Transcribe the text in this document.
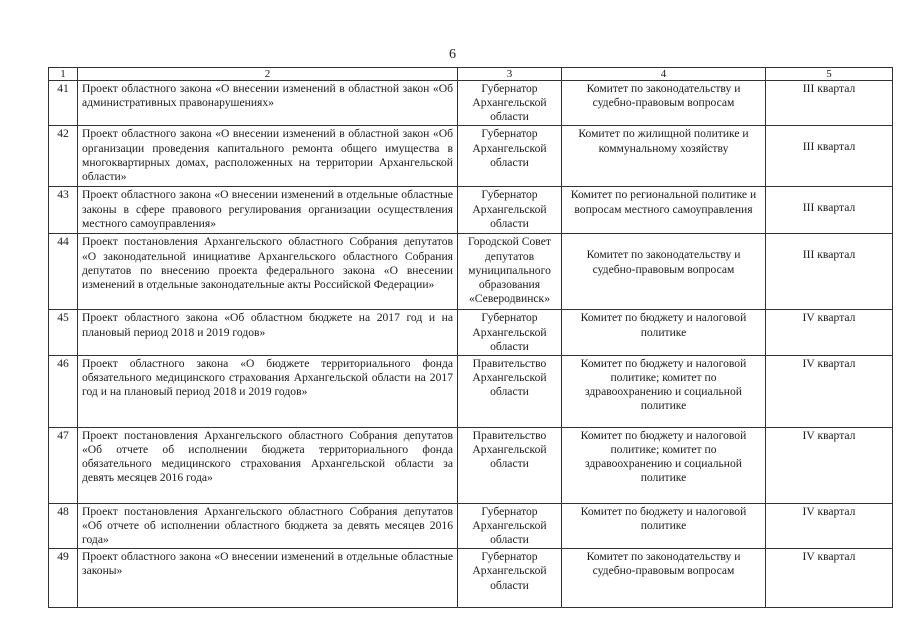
6
1	2	3	4	5
41	Проект областного закона «О внесении изменений в областной закон «Об административных правонарушениях»	Губернатор Архангельской области	Комитет по законодательству и судебно-правовым вопросам	III квартал
42	Проект областного закона «О внесении изменений в областной закон «Об организации проведения капитального ремонта общего имущества в многоквартирных домах, расположенных на территории Архангельской области»	Губернатор Архангельской области	Комитет по жилищной политике и коммунальному хозяйству	III квартал
43	Проект областного закона «О внесении изменений в отдельные областные законы в сфере правового регулирования организации осуществления местного самоуправления»	Губернатор Архангельской области	Комитет по региональной политике и вопросам местного самоуправления	III квартал
44	Проект постановления Архангельского областного Собрания депутатов «О законодательной инициативе Архангельского областного Собрания депутатов по внесению проекта федерального закона «О внесении изменений в отдельные законодательные акты Российской Федерации»	Городской Совет депутатов муниципального образования «Северодвинск»	Комитет по законодательству и судебно-правовым вопросам	III квартал
45	Проект областного закона «Об областном бюджете на 2017 год и на плановый период 2018 и 2019 годов»	Губернатор Архангельской области	Комитет по бюджету и налоговой политике	IV квартал
46	Проект областного закона «О бюджете территориального фонда обязательного медицинского страхования Архангельской области на 2017 год и на плановый период 2018 и 2019 годов»	Правительство Архангельской области	Комитет по бюджету и налоговой политике; комитет по здравоохранению и социальной политике	IV квартал
47	Проект постановления Архангельского областного Собрания депутатов «Об отчете об исполнении бюджета территориального фонда обязательного медицинского страхования Архангельской области за девять месяцев 2016 года»	Правительство Архангельской области	Комитет по бюджету и налоговой политике; комитет по здравоохранению и социальной политике	IV квартал
48	Проект постановления Архангельского областного Собрания депутатов «Об отчете об исполнении областного бюджета за девять месяцев 2016 года»	Губернатор Архангельской области	Комитет по бюджету и налоговой политике	IV квартал
49	Проект областного закона «О внесении изменений в отдельные областные законы»	Губернатор Архангельской области	Комитет по законодательству и судебно-правовым вопросам	IV квартал
